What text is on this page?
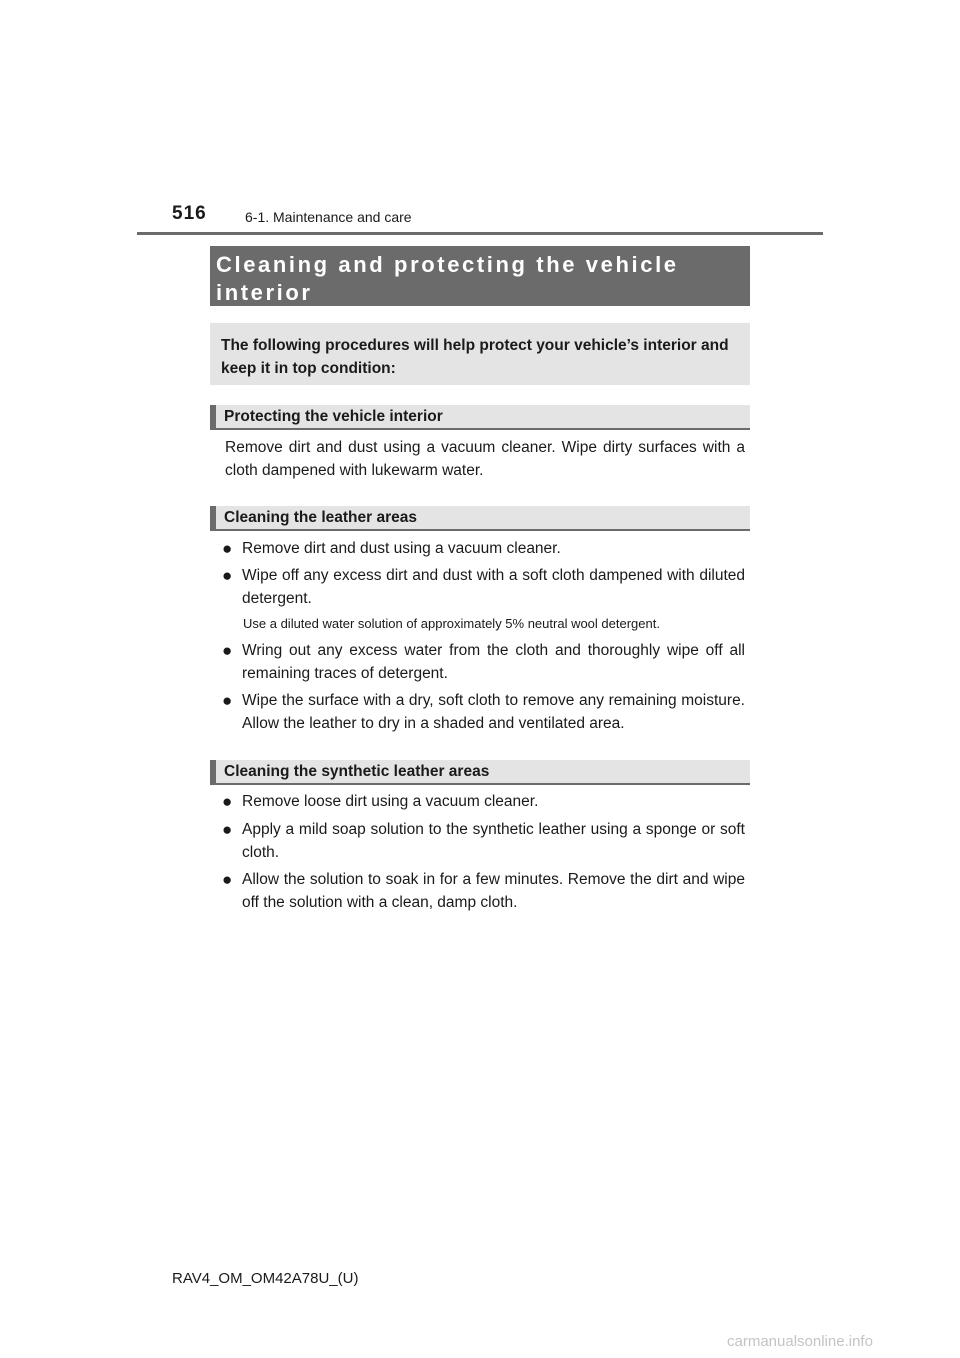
516	6-1. Maintenance and care
Cleaning and protecting the vehicle interior
The following procedures will help protect your vehicle’s interior and keep it in top condition:
Protecting the vehicle interior

Remove dirt and dust using a vacuum cleaner. Wipe dirty surfaces with a cloth dampened with lukewarm water.

Cleaning the leather areas
● Remove dirt and dust using a vacuum cleaner.
● Wipe off any excess dirt and dust with a soft cloth dampened with diluted detergent.
Use a diluted water solution of approximately 5% neutral wool detergent.
● Wring out any excess water from the cloth and thoroughly wipe off all remaining traces of detergent.
● Wipe the surface with a dry, soft cloth to remove any remaining moisture. Allow the leather to dry in a shaded and ventilated area.
Cleaning the synthetic leather areas
● Remove loose dirt using a vacuum cleaner.
● Apply a mild soap solution to the synthetic leather using a sponge or soft cloth.
● Allow the solution to soak in for a few minutes. Remove the dirt and wipe off the solution with a clean, damp cloth.
RAV4_OM_OM42A78U_(U)
carmanualsonline.info
